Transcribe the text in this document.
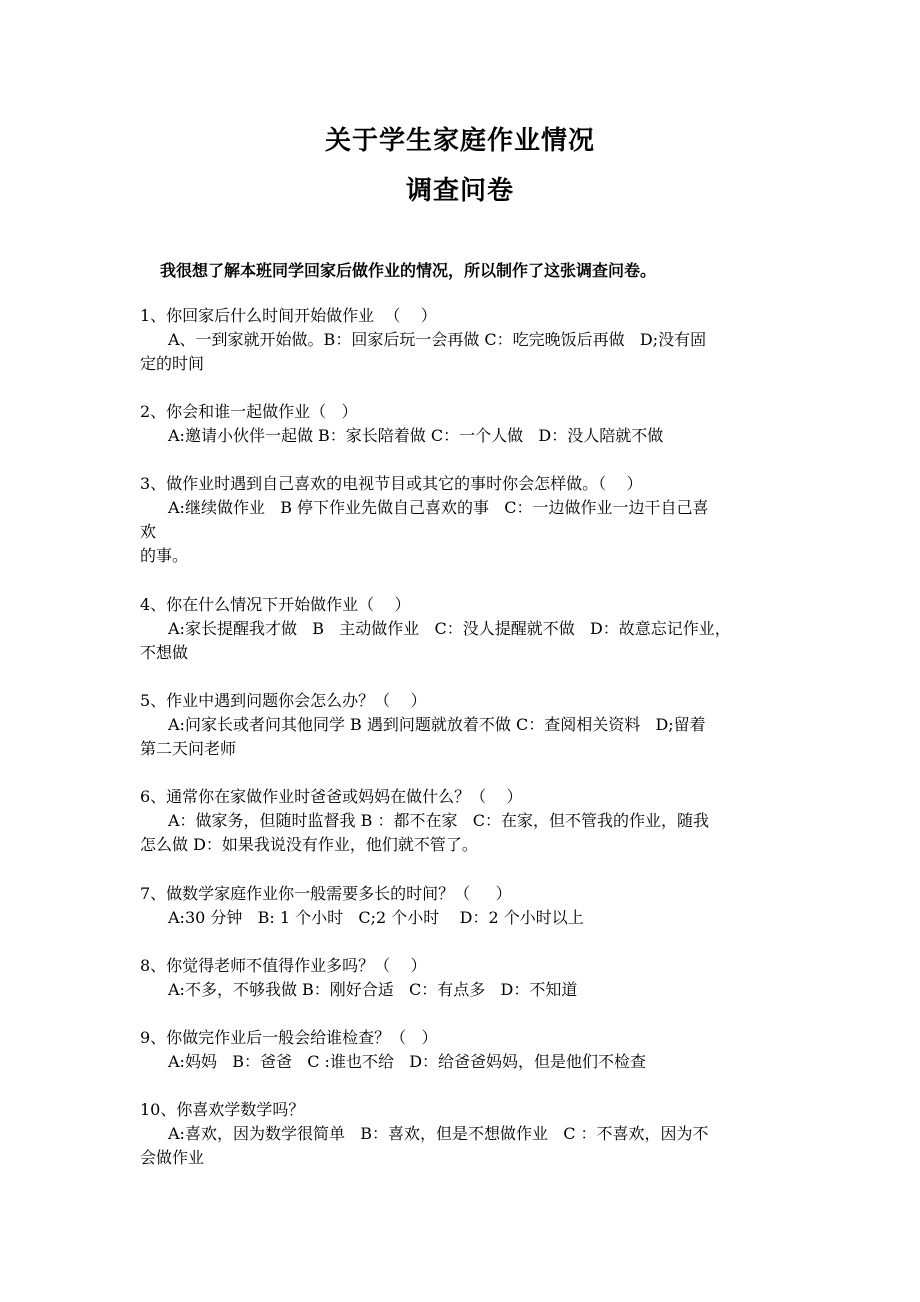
关于学生家庭作业情况
调查问卷
我很想了解本班同学回家后做作业的情况，所以制作了这张调查问卷。
1、你回家后什么时间开始做作业  （    ）
A、一到家就开始做。B：回家后玩一会再做 C：吃完晚饭后再做   D;没有固
定的时间
2、你会和谁一起做作业（   ）
A:邀请小伙伴一起做 B：家长陪着做 C：一个人做   D：没人陪就不做
3、做作业时遇到自己喜欢的电视节目或其它的事时你会怎样做。（    ）
A:继续做作业   B 停下作业先做自己喜欢的事   C：一边做作业一边干自己喜
欢
的事。
4、你在什么情况下开始做作业（    ）
A:家长提醒我才做   B   主动做作业   C：没人提醒就不做   D：故意忘记作业，
不想做
5、作业中遇到问题你会怎么办？（    ）
A:问家长或者问其他同学 B 遇到问题就放着不做 C：查阅相关资料   D;留着
第二天问老师
6、通常你在家做作业时爸爸或妈妈在做什么？（    ）
A：做家务，但随时监督我 B ：都不在家   C：在家，但不管我的作业，随我
怎么做 D：如果我说没有作业，他们就不管了。
7、做数学家庭作业你一般需要多长的时间？（     ）
A:30 分钟   B: 1 个小时   C;2 个小时    D：2 个小时以上
8、你觉得老师不值得作业多吗？（    ）
A:不多，不够我做 B：刚好合适   C：有点多   D：不知道
9、你做完作业后一般会给谁检查？（   ）
A:妈妈   B：爸爸   C :谁也不给   D：给爸爸妈妈，但是他们不检查
10、你喜欢学数学吗？
A:喜欢，因为数学很简单   B：喜欢，但是不想做作业   C ：不喜欢，因为不
会做作业
